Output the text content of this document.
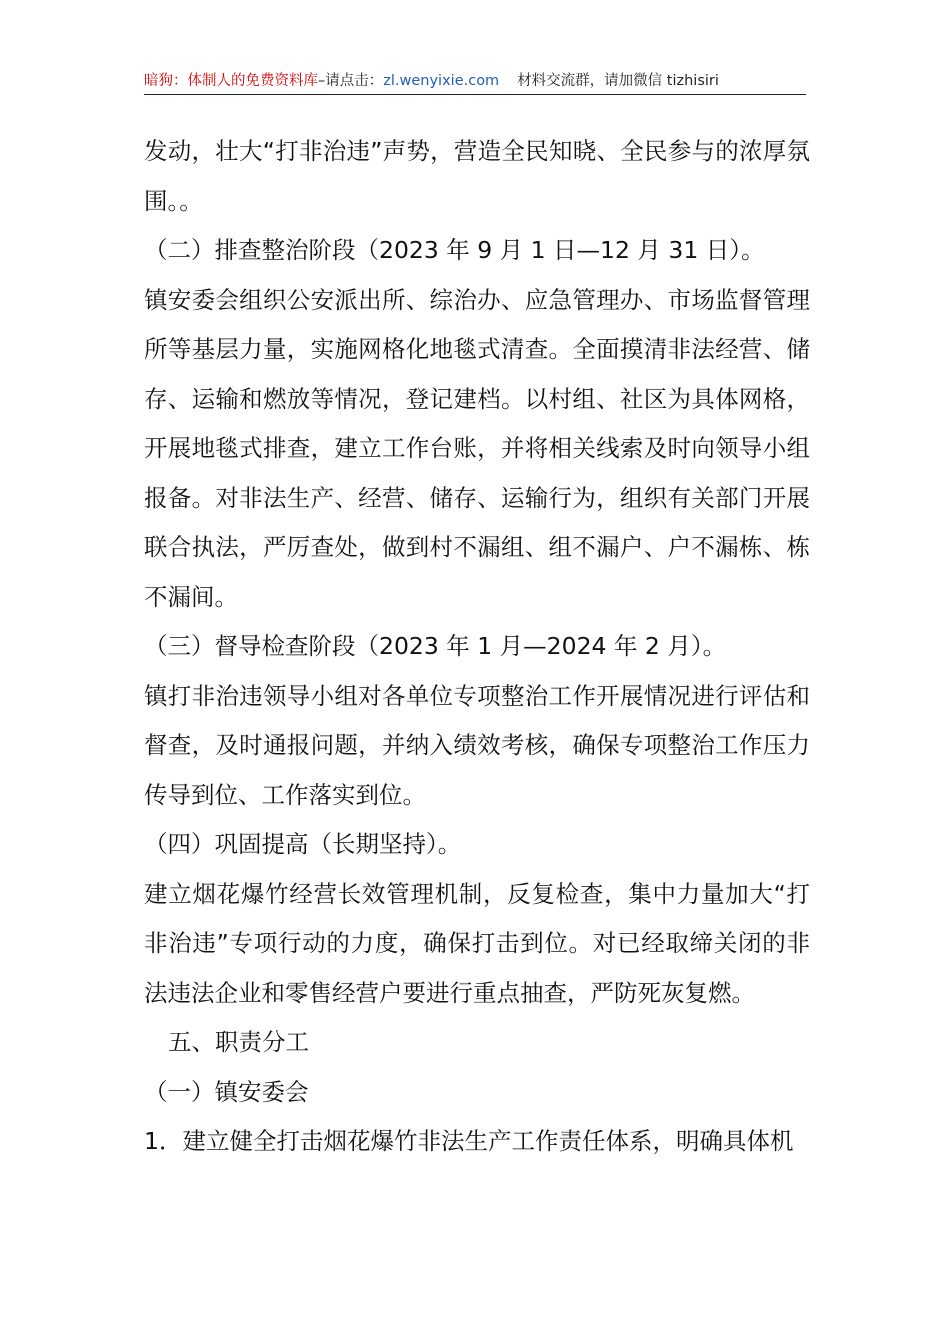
暗狗：体制人的免费资料库–请点击：zl.wenyixie.com 材料交流群，请加微信 tizhisiri

发动，壮大“打非治违”声势，营造全民知晓、全民参与的浓厚氛围。。

（二）排查整治阶段（2023 年 9 月 1 日—12 月 31 日）。

镇安委会组织公安派出所、综治办、应急管理办、市场监督管理所等基层力量，实施网格化地毯式清查。全面摸清非法经营、储存、运输和燃放等情况，登记建档。以村组、社区为具体网格，开展地毯式排查，建立工作台账，并将相关线索及时向领导小组报备。对非法生产、经营、储存、运输行为，组织有关部门开展联合执法，严厉查处，做到村不漏组、组不漏户、户不漏栋、栋不漏间。

（三）督导检查阶段（2023 年 1 月—2024 年 2 月）。

镇打非治违领导小组对各单位专项整治工作开展情况进行评估和督查，及时通报问题，并纳入绩效考核，确保专项整治工作压力传导到位、工作落实到位。

（四）巩固提高（长期坚持）。

建立烟花爆竹经营长效管理机制，反复检查，集中力量加大“打非治违”专项行动的力度，确保打击到位。对已经取缔关闭的非法违法企业和零售经营户要进行重点抽查，严防死灰复燃。

五、职责分工

（一）镇安委会

1．建立健全打击烟花爆竹非法生产工作责任体系，明确具体机
